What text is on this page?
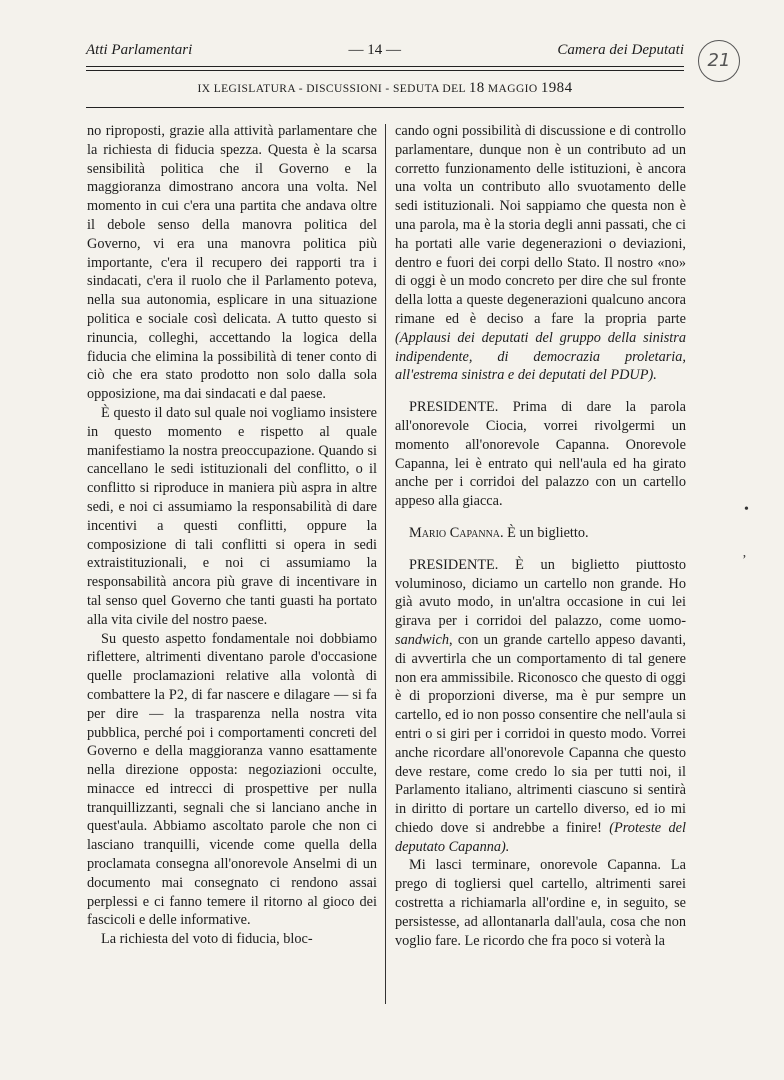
Atti Parlamentari	— 14 —	Camera dei Deputati
IX LEGISLATURA - DISCUSSIONI - SEDUTA DEL 18 MAGGIO 1984
21

no riproposti, grazie alla attività parlamentare che la richiesta di fiducia spezza. Questa è la scarsa sensibilità politica che il Governo e la maggioranza dimostrano ancora una volta. Nel momento in cui c'era una partita che andava oltre il debole senso della manovra politica del Governo, vi era una manovra politica più importante, c'era il recupero dei rapporti tra i sindacati, c'era il ruolo che il Parlamento poteva, nella sua autonomia, esplicare in una situazione politica e sociale così delicata. A tutto questo si rinuncia, colleghi, accettando la logica della fiducia che elimina la possibilità di tener conto di ciò che era stato prodotto non solo dalla sola opposizione, ma dai sindacati e dal paese.

È questo il dato sul quale noi vogliamo insistere in questo momento e rispetto al quale manifestiamo la nostra preoccupazione. Quando si cancellano le sedi istituzionali del conflitto, o il conflitto si riproduce in maniera più aspra in altre sedi, e noi ci assumiamo la responsabilità di dare incentivi a questi conflitti, oppure la composizione di tali conflitti si opera in sedi extraistituzionali, e noi ci assumiamo la responsabilità ancora più grave di incentivare in tal senso quel Governo che tanti guasti ha portato alla vita civile del nostro paese.

Su questo aspetto fondamentale noi dobbiamo riflettere, altrimenti diventano parole d'occasione quelle proclamazioni relative alla volontà di combattere la P2, di far nascere e dilagare — si fa per dire — la trasparenza nella nostra vita pubblica, perché poi i comportamenti concreti del Governo e della maggioranza vanno esattamente nella direzione opposta: negoziazioni occulte, minacce ed intrecci di prospettive per nulla tranquillizzanti, segnali che si lanciano anche in quest'aula. Abbiamo ascoltato parole che non ci lasciano tranquilli, vicende come quella della proclamata consegna all'onorevole Anselmi di un documento mai consegnato ci rendono assai perplessi e ci fanno temere il ritorno al gioco dei fascicoli e delle informative.

La richiesta del voto di fiducia, bloc-

cando ogni possibilità di discussione e di controllo parlamentare, dunque non è un contributo ad un corretto funzionamento delle istituzioni, è ancora una volta un contributo allo svuotamento delle sedi istituzionali. Noi sappiamo che questa non è una parola, ma è la storia degli anni passati, che ci ha portati alle varie degenerazioni o deviazioni, dentro e fuori dei corpi dello Stato. Il nostro «no» di oggi è un modo concreto per dire che sul fronte della lotta a queste degenerazioni qualcuno ancora rimane ed è deciso a fare la propria parte (Applausi dei deputati del gruppo della sinistra indipendente, di democrazia proletaria, all'estrema sinistra e dei deputati del PDUP).

PRESIDENTE. Prima di dare la parola all'onorevole Ciocia, vorrei rivolgermi un momento all'onorevole Capanna. Onorevole Capanna, lei è entrato qui nell'aula ed ha girato anche per i corridoi del palazzo con un cartello appeso alla giacca.

Mario Capanna. È un biglietto.

PRESIDENTE. È un biglietto piuttosto voluminoso, diciamo un cartello non grande. Ho già avuto modo, in un'altra occasione in cui lei girava per i corridoi del palazzo, come uomo-sandwich, con un grande cartello appeso davanti, di avvertirla che un comportamento di tal genere non era ammissibile. Riconosco che questo di oggi è di proporzioni diverse, ma è pur sempre un cartello, ed io non posso consentire che nell'aula si entri o si giri per i corridoi in questo modo. Vorrei anche ricordare all'onorevole Capanna che questo deve restare, come credo lo sia per tutti noi, il Parlamento italiano, altrimenti ciascuno si sentirà in diritto di portare un cartello diverso, ed io mi chiedo dove si andrebbe a finire! (Proteste del deputato Capanna).

Mi lasci terminare, onorevole Capanna. La prego di togliersi quel cartello, altrimenti sarei costretta a richiamarla all'ordine e, in seguito, se persistesse, ad allontanarla dall'aula, cosa che non voglio fare. Le ricordo che fra poco si voterà la

•
ʼ
